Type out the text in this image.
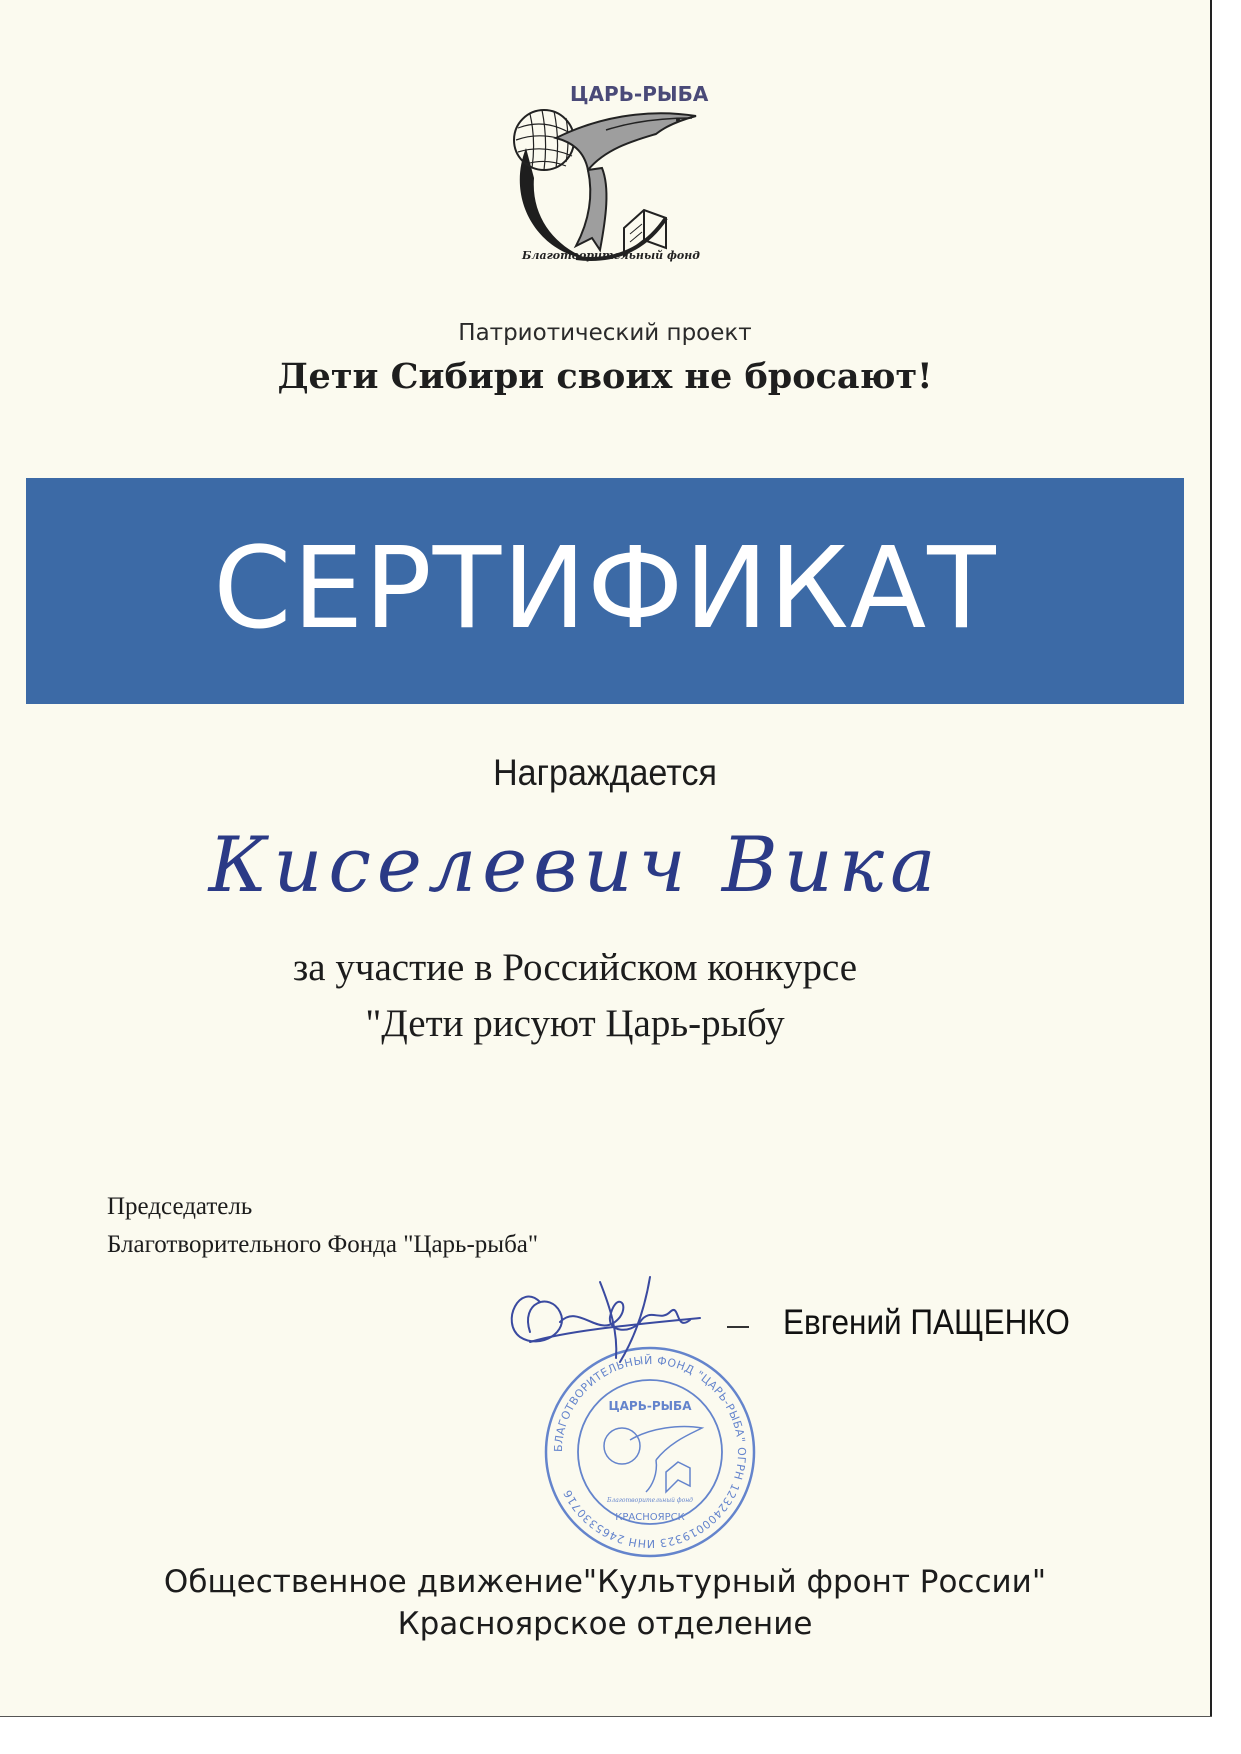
ЦАРЬ-РЫБА
Благотворительный фонд
Патриотический проект
Дети Сибири своих не бросают!
СЕРТИФИКАТ
Награждается
Киселевич Вика
за участие в Российском конкурсе
"Дети рисуют Царь-рыбу
Председатель
Благотворительного Фонда "Царь-рыба"
БЛАГОТВОРИТЕЛЬНЫЙ ФОНД "ЦАРЬ-РЫБА" ОГРН 1232400019323 ИНН 2465330716
ЦАРЬ-РЫБА
Благотворительный фонд
КРАСНОЯРСК
Евгений ПАЩЕНКО
Общественное движение"Культурный фронт России"
Красноярское отделение
